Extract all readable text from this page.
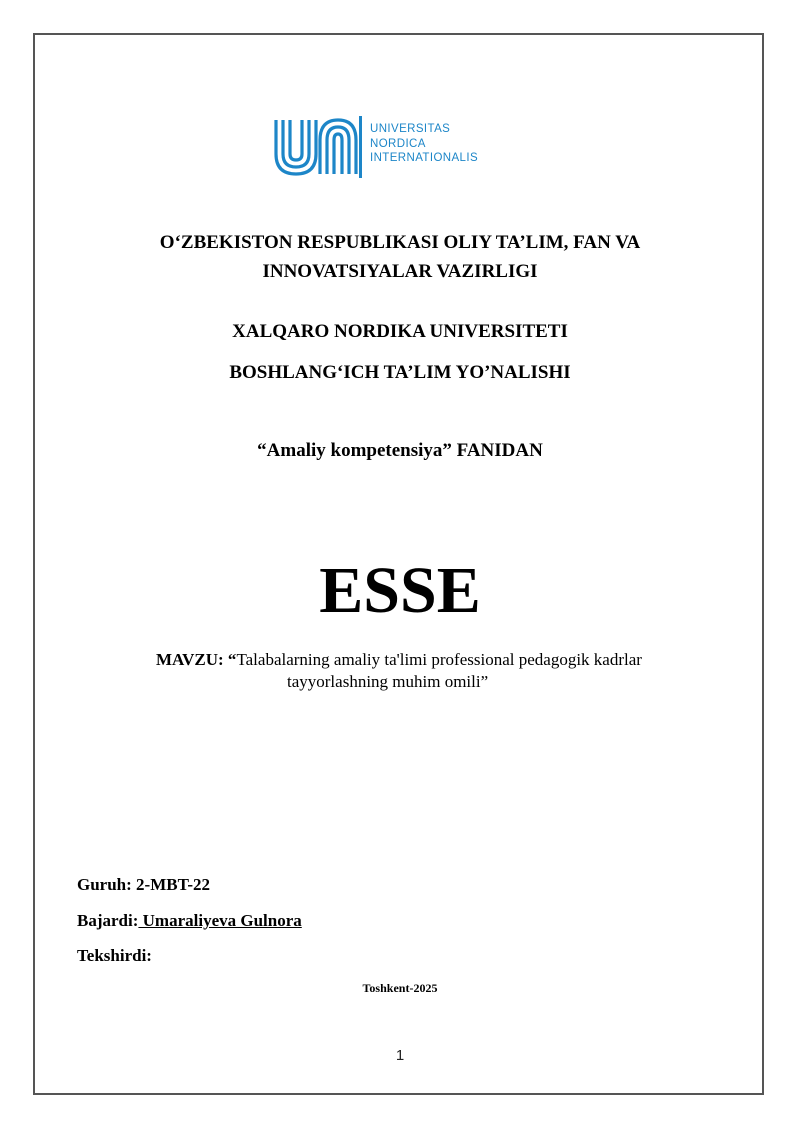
UNIVERSITAS
NORDICA
INTERNATIONALIS
O‘ZBEKISTON RESPUBLIKASI OLIY TA’LIM, FAN VA
INNOVATSIYALAR VAZIRLIGI
XALQARO NORDIKA UNIVERSITETI
BOSHLANG‘ICH TA’LIM YO’NALISHI
“Amaliy kompetensiya” FANIDAN
ESSE
MAVZU: “Talabalarning amaliy ta'limi professional pedagogik kadrlar
tayyorlashning muhim omili”
Guruh: 2-MBT-22
Bajardi: Umaraliyeva Gulnora
Tekshirdi:
Toshkent-2025
1
